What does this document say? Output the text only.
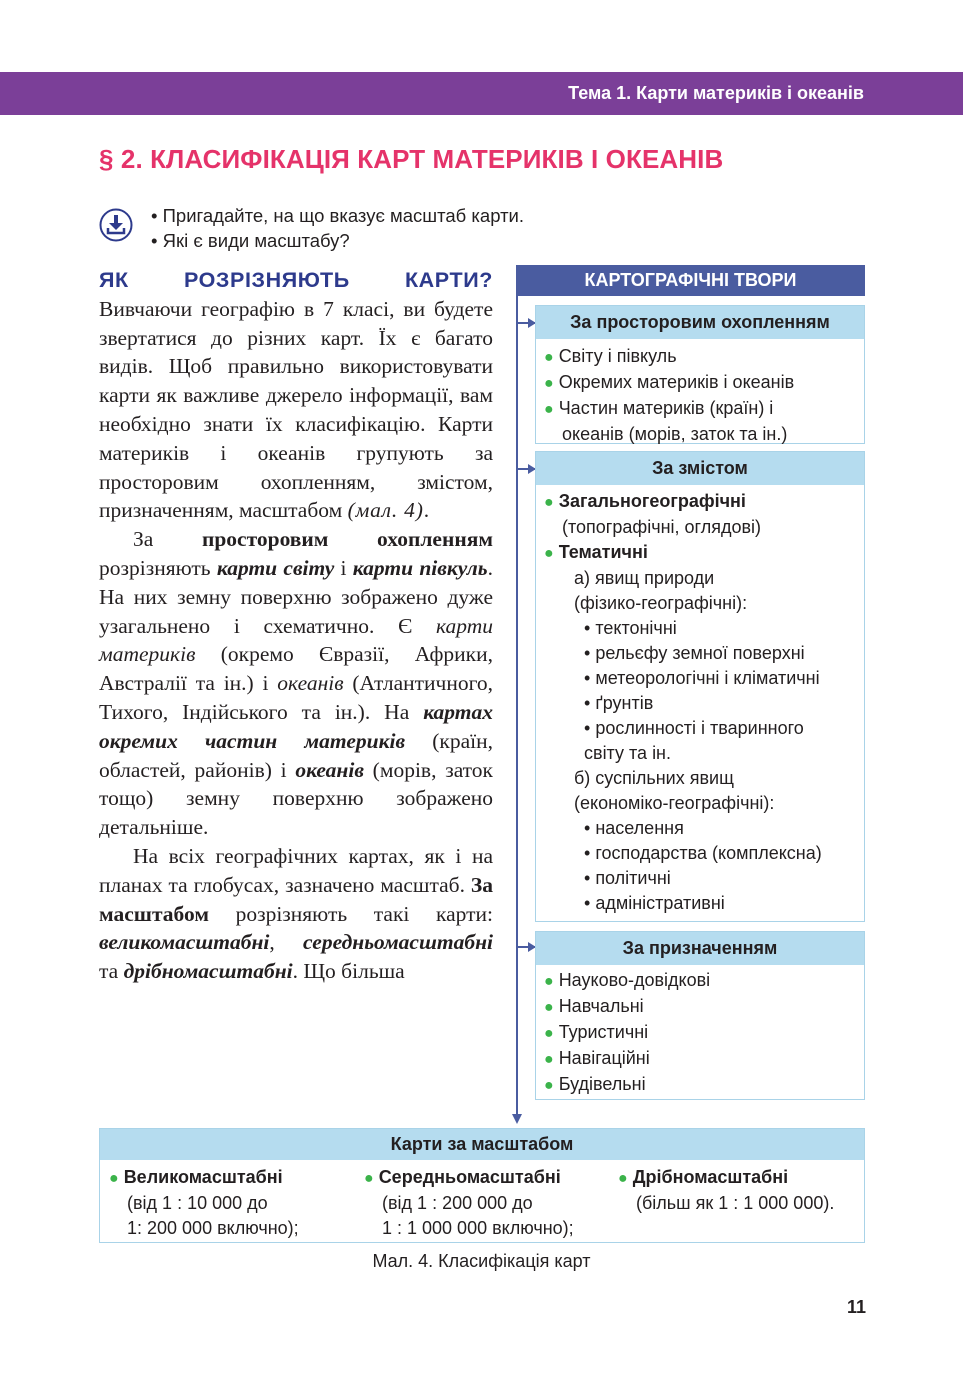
Тема 1. Карти материків і океанів
§ 2. КЛАСИФІКАЦІЯ КАРТ МАТЕРИКІВ І ОКЕАНІВ
• Пригадайте, на що вказує масштаб карти.
• Які є види масштабу?

ЯК РОЗРІЗНЯЮТЬ КАРТИ? Вивчаючи географію в 7 класі, ви будете звертатися до різних карт. Їх є багато видів. Щоб правильно використовувати карти як важливе джерело інформації, вам необхідно знати їх класифікацію. Карти материків і океанів групують за просторовим охопленням, змістом, призначенням, масштабом (мал. 4).

За просторовим охопленням розрізняють карти світу і карти півкуль. На них земну поверхню зображено дуже узагальнено і схематично. Є карти материків (окремо Євразії, Африки, Австралії та ін.) і океанів (Атлантичного, Тихого, Індійського та ін.). На картах окремих частин материків (країн, областей, районів) і океанів (морів, заток тощо) земну поверхню зображено детальніше.

На всіх географічних картах, як і на планах та глобусах, зазначено масштаб. За масштабом розрізняють такі карти: великомасштабні, середньомасштабні та дрібномасштабні. Що більша

КАРТОГРАФІЧНІ ТВОРИ
За просторовим охопленням
● Світу і півкуль
● Окремих материків і океанів
● Частин материків (країн) і
океанів (морів, заток та ін.)
За змістом
● Загальногеографічні
(топографічні, оглядові)
● Тематичні
а) явищ природи
(фізико-географічні):
• тектонічні
• рельєфу земної поверхні
• метеорологічні і кліматичні
• ґрунтів
• рослинності і тваринного
світу та ін.
б) суспільних явищ
(економіко-географічні):
• населення
• господарства (комплексна)
• політичні
• адміністративні
За призначенням
● Науково-довідкові
● Навчальні
● Туристичні
● Навігаційні
● Будівельні
Карти за масштабом
● Великомасштабні
(від 1 : 10 000 до
1: 200 000 включно);
● Середньомасштабні
(від 1 : 200 000 до
1 : 1 000 000 включно);
● Дрібномасштабні
(більш як 1 : 1 000 000).
Мал. 4. Класифікація карт
11
